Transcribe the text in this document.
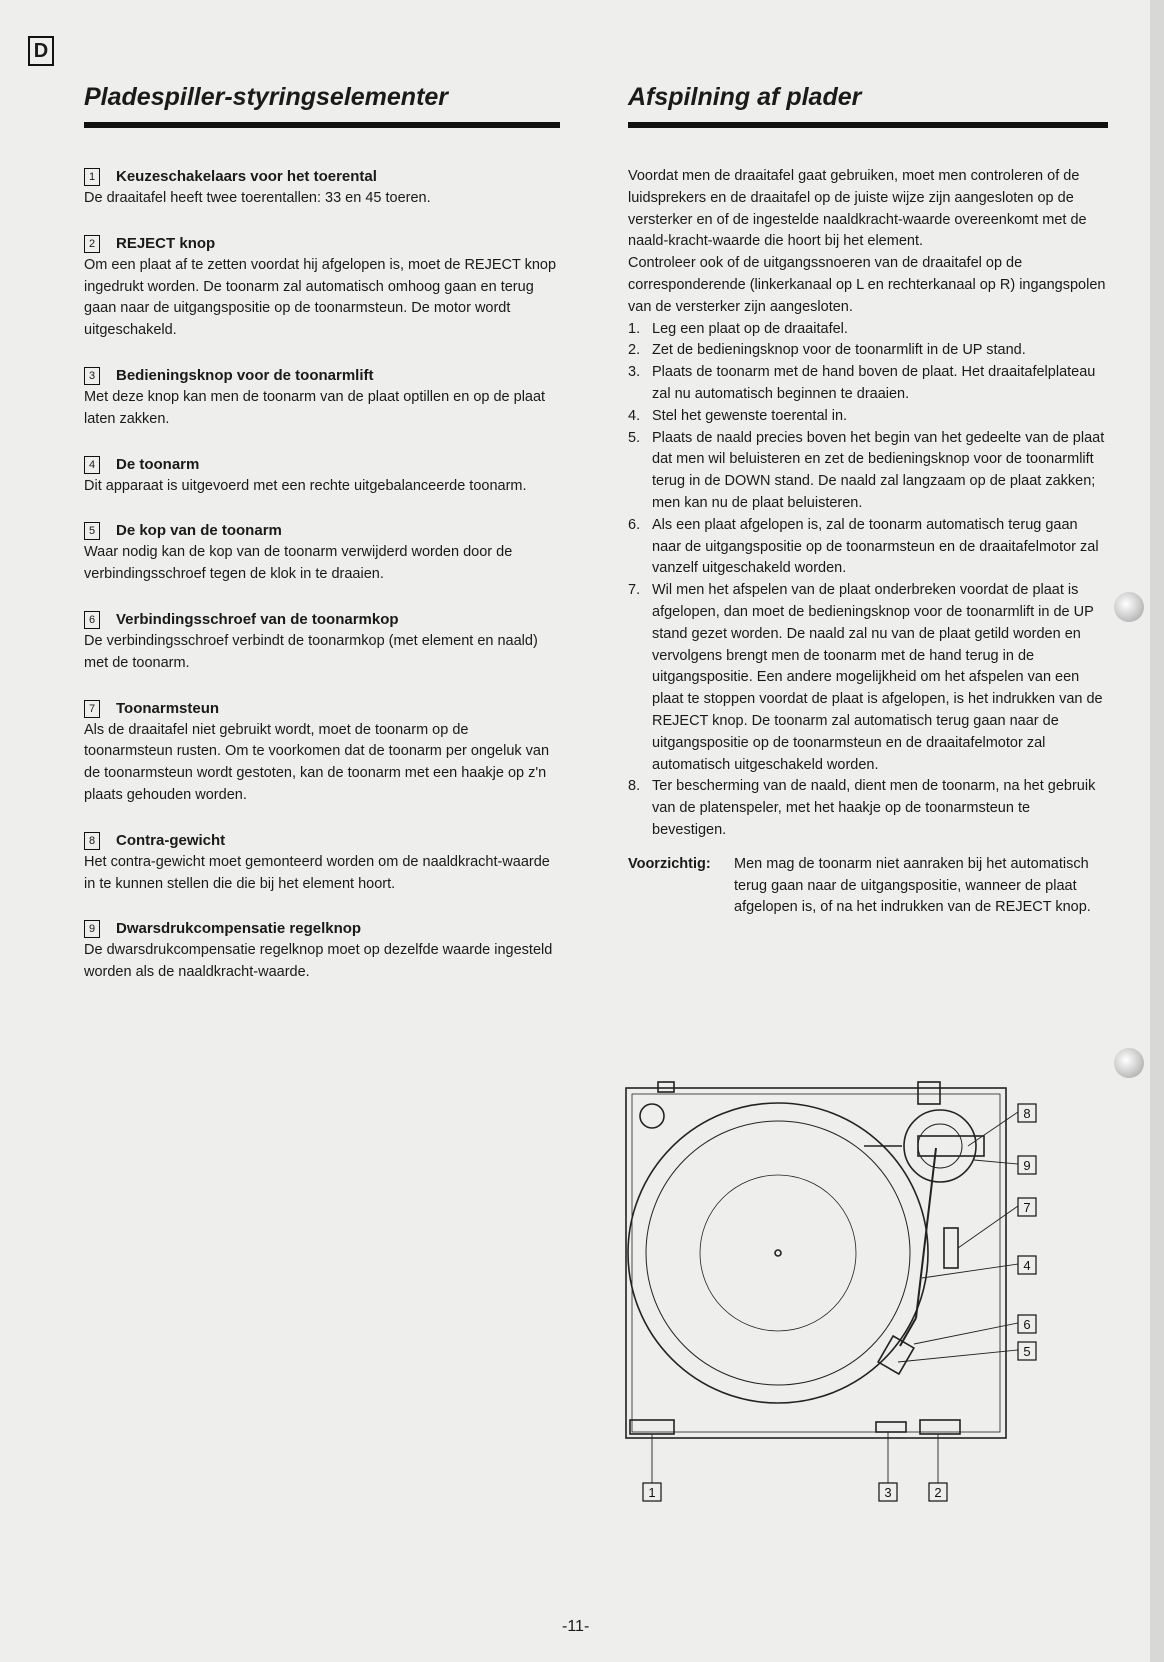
D
Pladespiller-styringselementer
1 Keuzeschakelaars voor het toerental
De draaitafel heeft twee toerentallen: 33 en 45 toeren.
2 REJECT knop
Om een plaat af te zetten voordat hij afgelopen is, moet de REJECT knop ingedrukt worden. De toonarm zal automatisch omhoog gaan en terug gaan naar de uitgangspositie op de toonarmsteun. De motor wordt uitgeschakeld.
3 Bedieningsknop voor de toonarmlift
Met deze knop kan men de toonarm van de plaat optillen en op de plaat laten zakken.
4 De toonarm
Dit apparaat is uitgevoerd met een rechte uitgebalanceerde toonarm.
5 De kop van de toonarm
Waar nodig kan de kop van de toonarm verwijderd worden door de verbindingsschroef tegen de klok in te draaien.
6 Verbindingsschroef van de toonarmkop
De verbindingsschroef verbindt de toonarmkop (met element en naald) met de toonarm.
7 Toonarmsteun
Als de draaitafel niet gebruikt wordt, moet de toonarm op de toonarmsteun rusten. Om te voorkomen dat de toonarm per ongeluk van de toonarmsteun wordt gestoten, kan de toonarm met een haakje op z'n plaats gehouden worden.
8 Contra-gewicht
Het contra-gewicht moet gemonteerd worden om de naaldkracht-waarde in te kunnen stellen die die bij het element hoort.
9 Dwarsdrukcompensatie regelknop
De dwarsdrukcompensatie regelknop moet op dezelfde waarde ingesteld worden als de naaldkracht-waarde.
Afspilning af plader

Voordat men de draaitafel gaat gebruiken, moet men controleren of de luidsprekers en de draaitafel op de juiste wijze zijn aangesloten op de versterker en of de ingestelde naaldkracht-waarde overeenkomt met de naald-kracht-waarde die hoort bij het element.

Controleer ook of de uitgangssnoeren van de draaitafel op de corresponderende (linkerkanaal op L en rechterkanaal op R) ingangspolen van de versterker zijn aangesloten.

1. Leg een plaat op de draaitafel.
2. Zet de bedieningsknop voor de toonarmlift in de UP stand.
3. Plaats de toonarm met de hand boven de plaat. Het draaitafelplateau zal nu automatisch beginnen te draaien.
4. Stel het gewenste toerental in.
5. Plaats de naald precies boven het begin van het gedeelte van de plaat dat men wil beluisteren en zet de bedieningsknop voor de toonarmlift terug in de DOWN stand. De naald zal langzaam op de plaat zakken; men kan nu de plaat beluisteren.
6. Als een plaat afgelopen is, zal de toonarm automatisch terug gaan naar de uitgangspositie op de toonarmsteun en de draaitafelmotor zal vanzelf uitgeschakeld worden.
7. Wil men het afspelen van de plaat onderbreken voordat de plaat is afgelopen, dan moet de bedieningsknop voor de toonarmlift in de UP stand gezet worden. De naald zal nu van de plaat getild worden en vervolgens brengt men de toonarm met de hand terug in de uitgangspositie. Een andere mogelijkheid om het afspelen van een plaat te stoppen voordat de plaat is afgelopen, is het indrukken van de REJECT knop. De toonarm zal automatisch terug gaan naar de uitgangspositie op de toonarmsteun en de draaitafelmotor zal automatisch uitgeschakeld worden.
8. Ter bescherming van de naald, dient men de toonarm, na het gebruik van de platenspeler, met het haakje op de toonarmsteun te bevestigen.
Voorzichtig:	Men mag de toonarm niet aanraken bij het automatisch terug gaan naar de uitgangspositie, wanneer de plaat afgelopen is, of na het indrukken van de REJECT knop.
8
9
7
4
6
5
1	3	2
-11-
